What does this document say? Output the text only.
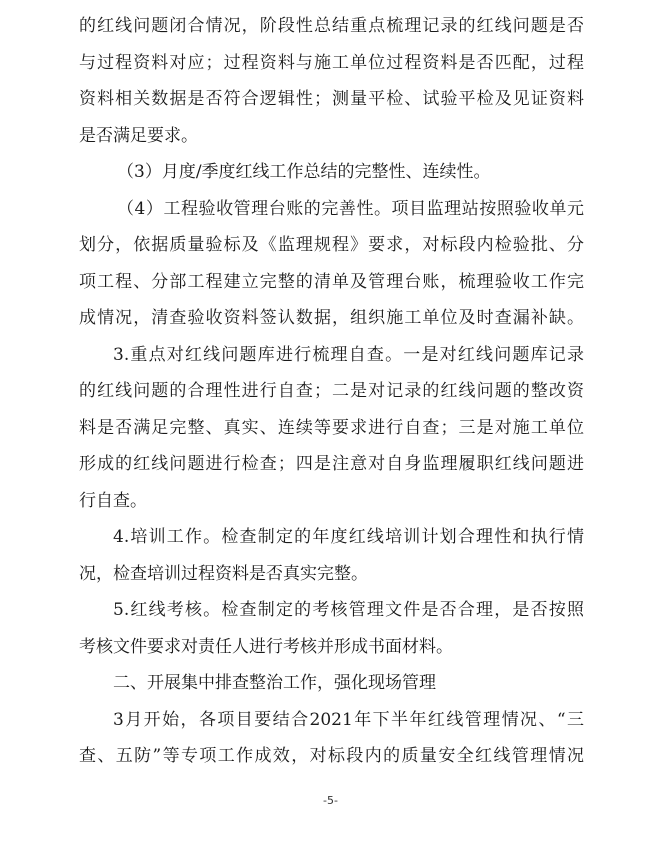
的红线问题闭合情况，阶段性总结重点梳理记录的红线问题是否
与过程资料对应；过程资料与施工单位过程资料是否匹配，过程
资料相关数据是否符合逻辑性；测量平检、试验平检及见证资料
是否满足要求。
（3）月度/季度红线工作总结的完整性、连续性。
（4）工程验收管理台账的完善性。项目监理站按照验收单元
划分，依据质量验标及《监理规程》要求，对标段内检验批、分
项工程、分部工程建立完整的清单及管理台账，梳理验收工作完
成情况，清查验收资料签认数据，组织施工单位及时查漏补缺。
3.重点对红线问题库进行梳理自查。一是对红线问题库记录
的红线问题的合理性进行自查；二是对记录的红线问题的整改资
料是否满足完整、真实、连续等要求进行自查；三是对施工单位
形成的红线问题进行检查；四是注意对自身监理履职红线问题进
行自查。
4.培训工作。检查制定的年度红线培训计划合理性和执行情
况，检查培训过程资料是否真实完整。
5.红线考核。检查制定的考核管理文件是否合理，是否按照
考核文件要求对责任人进行考核并形成书面材料。
二、开展集中排查整治工作，强化现场管理
3月开始，各项目要结合2021年下半年红线管理情况、“三
查、五防”等专项工作成效，对标段内的质量安全红线管理情况
-5-
